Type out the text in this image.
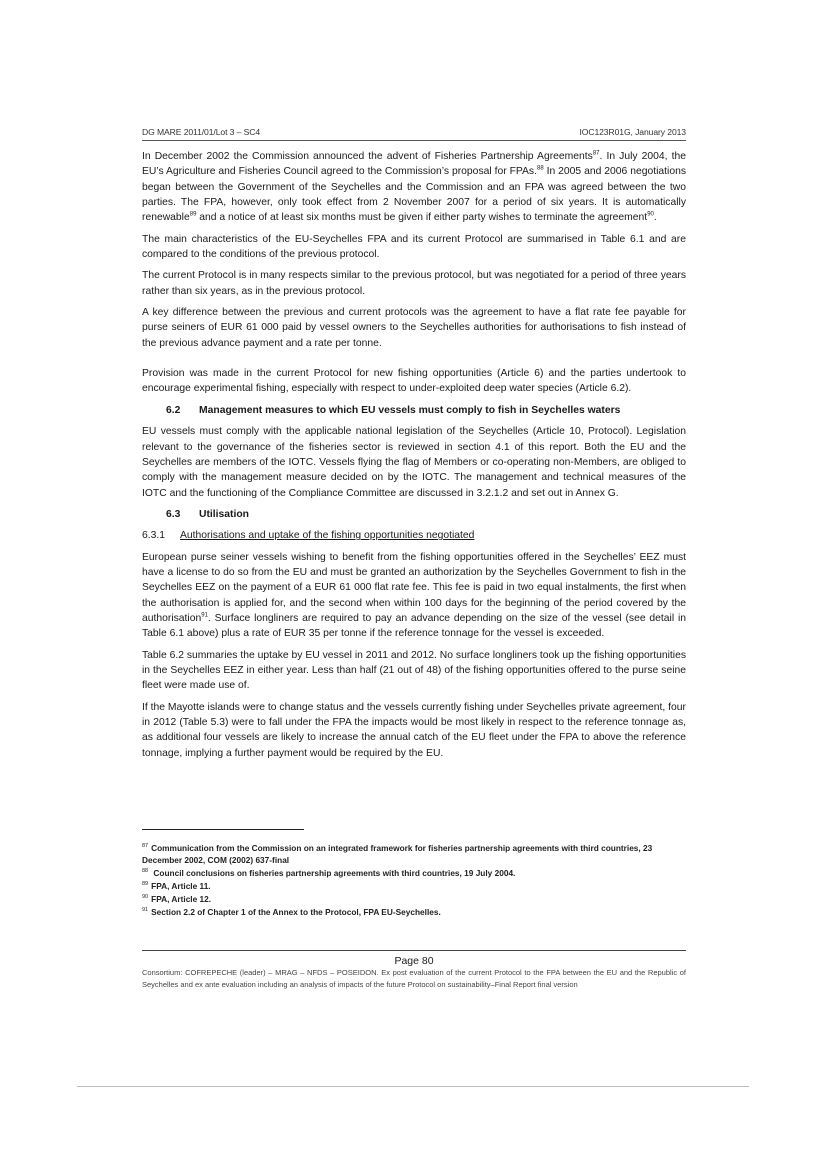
DG MARE 2011/01/Lot 3 – SC4	IOC123R01G, January 2013

In December 2002 the Commission announced the advent of Fisheries Partnership Agreements$^{87}$. In July 2004, the EU’s Agriculture and Fisheries Council agreed to the Commission’s proposal for FPAs.$^{88}$ In 2005 and 2006 negotiations began between the Government of the Seychelles and the Commission and an FPA was agreed between the two parties. The FPA, however, only took effect from 2 November 2007 for a period of six years. It is automatically renewable$^{89}$ and a notice of at least six months must be given if either party wishes to terminate the agreement$^{90}$.

The main characteristics of the EU-Seychelles FPA and its current Protocol are summarised in Table 6.1 and are compared to the conditions of the previous protocol.

The current Protocol is in many respects similar to the previous protocol, but was negotiated for a period of three years rather than six years, as in the previous protocol.

A key difference between the previous and current protocols was the agreement to have a flat rate fee payable for purse seiners of EUR 61 000 paid by vessel owners to the Seychelles authorities for authorisations to fish instead of the previous advance payment and a rate per tonne.

Provision was made in the current Protocol for new fishing opportunities (Article 6) and the parties undertook to encourage experimental fishing, especially with respect to under-exploited deep water species (Article 6.2).

6.2	Management measures to which EU vessels must comply to fish in Seychelles waters

EU vessels must comply with the applicable national legislation of the Seychelles (Article 10, Protocol). Legislation relevant to the governance of the fisheries sector is reviewed in section 4.1 of this report. Both the EU and the Seychelles are members of the IOTC. Vessels flying the flag of Members or co-operating non-Members, are obliged to comply with the management measure decided on by the IOTC. The management and technical measures of the IOTC and the functioning of the Compliance Committee are discussed in 3.2.1.2 and set out in Annex G.

6.3	Utilisation
6.3.1	Authorisations and uptake of the fishing opportunities negotiated

European purse seiner vessels wishing to benefit from the fishing opportunities offered in the Seychelles’ EEZ must have a license to do so from the EU and must be granted an authorization by the Seychelles Government to fish in the Seychelles EEZ on the payment of a EUR 61 000 flat rate fee. This fee is paid in two equal instalments, the first when the authorisation is applied for, and the second when within 100 days for the beginning of the period covered by the authorisation$^{91}$. Surface longliners are required to pay an advance depending on the size of the vessel (see detail in Table 6.1 above) plus a rate of EUR 35 per tonne if the reference tonnage for the vessel is exceeded.

Table 6.2 summaries the uptake by EU vessel in 2011 and 2012. No surface longliners took up the fishing opportunities in the Seychelles EEZ in either year. Less than half (21 out of 48) of the fishing opportunities offered to the purse seine fleet were made use of.

If the Mayotte islands were to change status and the vessels currently fishing under Seychelles private agreement, four in 2012 (Table 5.3) were to fall under the FPA the impacts would be most likely in respect to the reference tonnage as, as additional four vessels are likely to increase the annual catch of the EU fleet under the FPA to above the reference tonnage, implying a further payment would be required by the EU.

$^{87}$ Communication from the Commission on an integrated framework for fisheries partnership agreements with third countries, 23 December 2002, COM (2002) 637-final
$^{88}$ Council conclusions on fisheries partnership agreements with third countries, 19 July 2004.
$^{89}$ FPA, Article 11.
$^{90}$ FPA, Article 12.
$^{91}$ Section 2.2 of Chapter 1 of the Annex to the Protocol, FPA EU-Seychelles.
Page 80
Consortium: COFREPECHE (leader) – MRAG – NFDS – POSEIDON. Ex post evaluation of the current Protocol to the FPA between the EU and the Republic of Seychelles and ex ante evaluation including an analysis of impacts of the future Protocol on sustainability–Final Report final version
